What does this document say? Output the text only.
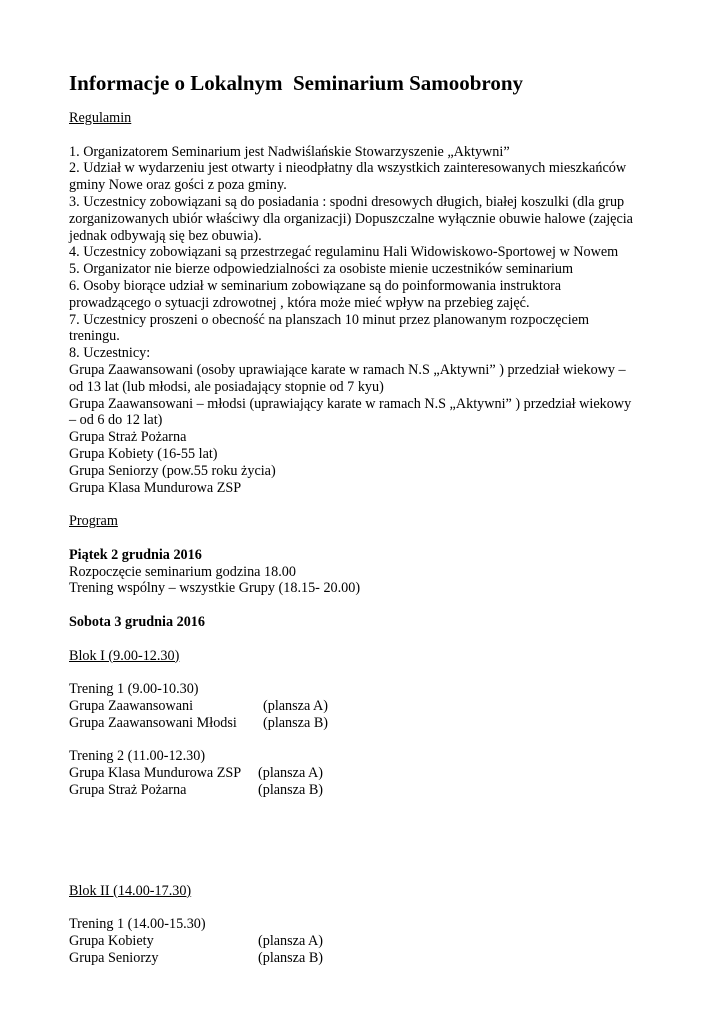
Informacje o Lokalnym  Seminarium Samoobrony
Regulamin
1. Organizatorem Seminarium jest Nadwiślańskie Stowarzyszenie „Aktywni”
2. Udział w wydarzeniu jest otwarty i nieodpłatny dla wszystkich zainteresowanych mieszkańców
gminy Nowe oraz gości z poza gminy.
3. Uczestnicy zobowiązani są do posiadania : spodni dresowych długich, białej koszulki (dla grup
zorganizowanych ubiór właściwy dla organizacji) Dopuszczalne wyłącznie obuwie halowe (zajęcia
jednak odbywają się bez obuwia).
4. Uczestnicy zobowiązani są przestrzegać regulaminu Hali Widowiskowo-Sportowej w Nowem
5. Organizator nie bierze odpowiedzialności za osobiste mienie uczestników seminarium
6. Osoby biorące udział w seminarium zobowiązane są do poinformowania instruktora
prowadzącego o sytuacji zdrowotnej , która może mieć wpływ na przebieg zajęć.
7. Uczestnicy proszeni o obecność na planszach 10 minut przez planowanym rozpoczęciem
treningu.
8. Uczestnicy:
Grupa Zaawansowani (osoby uprawiające karate w ramach N.S „Aktywni” ) przedział wiekowy –
od 13 lat (lub młodsi, ale posiadający stopnie od 7 kyu)
Grupa Zaawansowani – młodsi (uprawiający karate w ramach N.S „Aktywni” ) przedział wiekowy
– od 6 do 12 lat)
Grupa Straż Pożarna
Grupa Kobiety (16-55 lat)
Grupa Seniorzy (pow.55 roku życia)
Grupa Klasa Mundurowa ZSP
Program
Piątek 2 grudnia 2016
Rozpoczęcie seminarium godzina 18.00
Trening wspólny – wszystkie Grupy (18.15- 20.00)
Sobota 3 grudnia 2016
Blok I (9.00-12.30)
Trening 1 (9.00-10.30)
Grupa Zaawansowani	(plansza A)
Grupa Zaawansowani Młodsi	(plansza B)
Trening 2 (11.00-12.30)
Grupa Klasa Mundurowa ZSP	(plansza A)
Grupa Straż Pożarna	(plansza B)
Blok II (14.00-17.30)
Trening 1 (14.00-15.30)
Grupa Kobiety	(plansza A)
Grupa Seniorzy	(plansza B)
